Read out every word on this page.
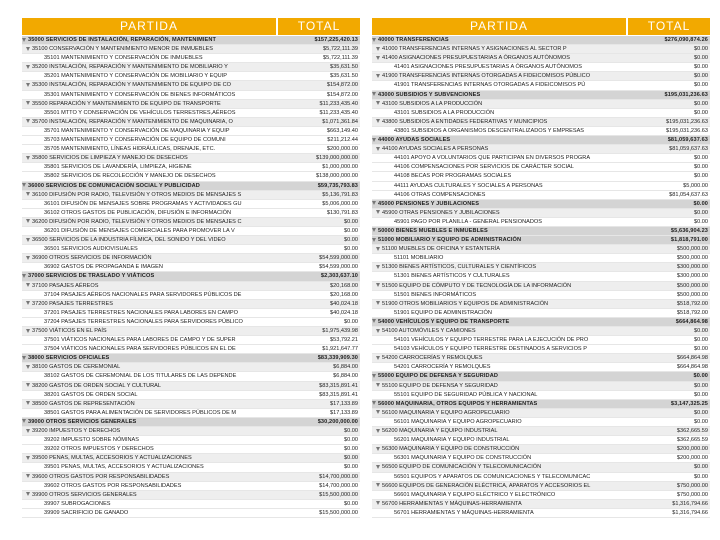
PARTIDA	TOTAL
35000 SERVICIOS DE INSTALACIÓN, REPARACIÓN, MANTENIMIENT	$157,225,420.13
35100 CONSERVACIÓN Y MANTENIMIENTO MENOR DE INMUEBLES	$5,722,111.39
35101 MANTENIMIENTO Y CONSERVACIÓN DE INMUEBLES	$5,722,111.39
35200 INSTALACIÓN, REPARACIÓN Y MANTENIMIENTO DE MOBILIARIO Y	$35,631.50
35201 MANTENIMIENTO Y CONSERVACIÓN DE MOBILIARIO Y EQUIP	$35,631.50
35300 INSTALACIÓN, REPARACIÓN Y MANTENIMIENTO DE EQUIPO DE CO	$154,872.00
35301 MANTENIMIENTO Y CONSERVACIÓN DE BIENES INFORMÁTICOS	$154,872.00
35500 REPARACIÓN Y MANTENIMIENTO DE EQUIPO DE TRANSPORTE	$11,233,435.40
35501 MTTO Y CONSERVACIÓN DE VEHÍCULOS TERRESTRES,AÉREOS	$11,233,435.40
35700 INSTALACIÓN, REPARACIÓN Y MANTENIMIENTO DE MAQUINARIA, O	$1,071,361.84
35701 MANTENIMIENTO Y CONSERVACIÓN DE MAQUINARIA Y EQUIP	$663,149.40
35703 MANTENIMIENTO Y CONSERVACIÓN DE EQUIPO DE COMUNI	$211,212.44
35705 MANTENIMIENTO, LÍNEAS HIDRÁULICAS, DRENAJE, ETC.	$200,000.00
35800 SERVICIOS DE LIMPIEZA Y MANEJO DE DESECHOS	$139,000,000.00
35801 SERVICIOS DE LAVANDERÍA, LIMPIEZA, HIGIENE	$1,000,000.00
35802 SERVICIOS DE RECOLECCIÓN Y MANEJO DE DESECHOS	$138,000,000.00
36000 SERVICIOS DE COMUNICACIÓN SOCIAL Y PUBLICIDAD	$59,735,793.83
36100 DIFUSIÓN POR RADIO, TELEVISIÓN Y OTROS MEDIOS DE MENSAJES S	$5,136,791.83
36101 DIFUSIÓN DE MENSAJES SOBRE PROGRAMAS Y ACTIVIDADES GU	$5,006,000.00
36102 OTROS GASTOS DE PUBLICACIÓN, DIFUSIÓN E INFORMACIÓN	$130,791.83
36200 DIFUSIÓN POR RADIO, TELEVISIÓN Y OTROS MEDIOS DE MENSAJES C	$0.00
36201 DIFUSIÓN DE MENSAJES COMERCIALES PARA PROMOVER LA V	$0.00
36500 SERVICIOS DE LA INDUSTRIA FÍLMICA, DEL SONIDO Y DEL VIDEO	$0.00
36501 SERVICIOS AUDIOVISUALES	$0.00
36900 OTROS SERVICIOS DE INFORMACIÓN	$54,599,000.00
36902 GASTOS DE PROPAGANDA E IMAGEN	$54,599,000.00
37000 SERVICIOS DE TRASLADO Y VIÁTICOS	$2,303,637.10
37100 PASAJES AÉREOS	$20,168.00
37104 PASAJES AÉREOS NACIONALES PARA SERVIDORES PÚBLICOS DE	$20,168.00
37200 PASAJES TERRESTRES	$40,024.18
37201 PASAJES TERRESTRES NACIONALES PARA LABORES EN CAMPO	$40,024.18
37204 PASAJES TERRESTRES NACIONALES PARA SERVIDORES PÚBLICO	$0.00
37500 VIÁTICOS EN EL PAÍS	$1,975,439.98
37501 VIÁTICOS NACIONALES PARA LABORES DE CAMPO Y DE SUPER	$53,792.21
37504 VIÁTICOS NACIONALES PARA SERVIDORES PÚBLICOS EN EL DE	$1,921,647.77
38000 SERVICIOS OFICIALES	$83,339,909.30
38100 GASTOS DE CEREMONIAL	$6,884.00
38102 GASTOS DE CEREMONIAL DE LOS TITULARES DE LAS DEPENDE	$6,884.00
38200 GASTOS DE ORDEN SOCIAL Y CULTURAL	$83,315,891.41
38201 GASTOS DE ORDEN SOCIAL	$83,315,891.41
38500 GASTOS DE REPRESENTACIÓN	$17,133.89
38501 GASTOS PARA ALIMENTACIÓN DE SERVIDORES PÚBLICOS DE M	$17,133.89
39000 OTROS SERVICIOS GENERALES	$30,200,000.00
39200 IMPUESTOS Y DERECHOS	$0.00
39202 IMPUESTO SOBRE NÓMINAS	$0.00
39202 OTROS IMPUESTOS Y DERECHOS	$0.00
39500 PENAS, MULTAS, ACCESORIOS Y ACTUALIZACIONES	$0.00
39501 PENAS, MULTAS, ACCESORIOS Y ACTUALIZACIONES	$0.00
39600 OTROS GASTOS POR RESPONSABILIDADES	$14,700,000.00
39602 OTROS GASTOS POR RESPONSABILIDADES	$14,700,000.00
39900 OTROS SERVICIOS GENERALES	$15,500,000.00
39907 SUBROGACIONES	$0.00
39909 SACRIFICIO DE GANADO	$15,500,000.00
PARTIDA	TOTAL
40000 TRANSFERENCIAS	$276,090,874.26
41000 TRANSFERENCIAS INTERNAS Y ASIGNACIONES AL SECTOR P	$0.00
41400 ASIGNACIONES PRESUPUESTARIAS A ÓRGANOS AUTÓNOMOS	$0.00
41401 ASIGNACIONES PRESUPUESTARIAS A ÓRGANOS AUTÓNOMOS	$0.00
41900 TRANSFERENCIAS INTERNAS OTORGADAS A FIDEICOMISOS PÚBLICO	$0.00
41901 TRANSFERENCIAS INTERNAS OTORGADAS A FIDEICOMISOS PÚ	$0.00
43000 SUBSIDIOS Y SUBVENCIONES	$195,031,236.63
43100 SUBSIDIOS A LA PRODUCCIÓN	$0.00
43101 SUBSIDIOS A LA PRODUCCIÓN	$0.00
43800 SUBSIDIOS A ENTIDADES FEDERATIVAS Y MUNICIPIOS	$195,031,236.63
43801 SUBSIDIOS A ORGANISMOS DESCENTRALIZADOS Y EMPRESAS	$195,031,236.63
44000 AYUDAS SOCIALES	$81,059,637.63
44100 AYUDAS SOCIALES A PERSONAS	$81,059,637.63
44101 APOYO A VOLUNTARIOS QUE PARTICIPAN EN DIVERSOS PROGRA	$0.00
44106 COMPENSACIONES POR SERVICIOS DE CARÁCTER SOCIAL	$0.00
44108 BECAS POR PROGRAMAS SOCIALES	$0.00
44111 AYUDAS CULTURALES Y SOCIALES A PERSONAS	$5,000.00
44106 OTRAS COMPENSACIONES	$81,054,637.63
45000 PENSIONES Y JUBILACIONES	$0.00
45900 OTRAS PENSIONES Y JUBILACIONES	$0.00
45901 PAGO POR PLANILLA - GENERAL PENSIONADOS	$0.00
50000 BIENES MUEBLES E INMUEBLES	$5,636,904.23
51000 MOBILIARIO Y EQUIPO DE ADMINISTRACIÓN	$1,818,791.00
51100 MUEBLES DE OFICINA Y ESTANTERÍA	$500,000.00
51101 MOBILIARIO	$500,000.00
51300 BIENES ARTÍSTICOS, CULTURALES Y CIENTÍFICOS	$300,000.00
51301 BIENES ARTÍSTICOS Y CULTURALES	$300,000.00
51500 EQUIPO DE CÓMPUTO Y DE TECNOLOGÍA DE LA INFORMACIÓN	$500,000.00
51501 BIENES INFORMÁTICOS	$500,000.00
51900 OTROS MOBILIARIOS Y EQUIPOS DE ADMINISTRACIÓN	$518,792.00
51901 EQUIPO DE ADMINISTRACIÓN	$518,792.00
54000 VEHÍCULOS Y EQUIPO DE TRANSPORTE	$664,864.98
54100 AUTOMÓVILES Y CAMIONES	$0.00
54101 VEHÍCULOS Y EQUIPO TERRESTRE PARA LA EJECUCIÓN DE PRO	$0.00
54103 VEHÍCULOS Y EQUIPO TERRESTRE DESTINADOS A SERVICIOS P	$0.00
54200 CARROCERÍAS Y REMOLQUES	$664,864.98
54201 CARROCERÍA Y REMOLQUES	$664,864.98
55000 EQUIPO DE DEFENSA Y SEGURIDAD	$0.00
55100 EQUIPO DE DEFENSA Y SEGURIDAD	$0.00
55101 EQUIPO DE SEGURIDAD PÚBLICA Y NACIONAL	$0.00
56000 MAQUINARIA, OTROS EQUIPOS Y HERRAMIENTAS	$3,147,325.25
56100 MAQUINARIA Y EQUIPO AGROPECUARIO	$0.00
56101 MAQUINARIA Y EQUIPO AGROPECUARIO	$0.00
56200 MAQUINARIA Y EQUIPO INDUSTRIAL	$362,665.59
56201 MAQUINARIA Y EQUIPO INDUSTRIAL	$362,665.59
56300 MAQUINARIA Y EQUIPO DE CONSTRUCCIÓN	$200,000.00
56301 MAQUINARIA Y EQUIPO DE CONSTRUCCIÓN	$200,000.00
56500 EQUIPO DE COMUNICACIÓN Y TELECOMUNICACIÓN	$0.00
56501 EQUIPOS Y APARATOS DE COMUNICACIONES Y TELECOMUNICAC	$0.00
56600 EQUIPOS DE GENERACIÓN ELÉCTRICA, APARATOS Y ACCESORIOS EL	$750,000.00
56601 MAQUINARIA Y EQUIPO ELÉCTRICO Y ELECTRÓNICO	$750,000.00
56700 HERRAMIENTAS Y MÁQUINAS-HERRAMIENTA	$1,316,794.66
56701 HERRAMIENTAS Y MÁQUINAS-HERRAMIENTA	$1,316,794.66
